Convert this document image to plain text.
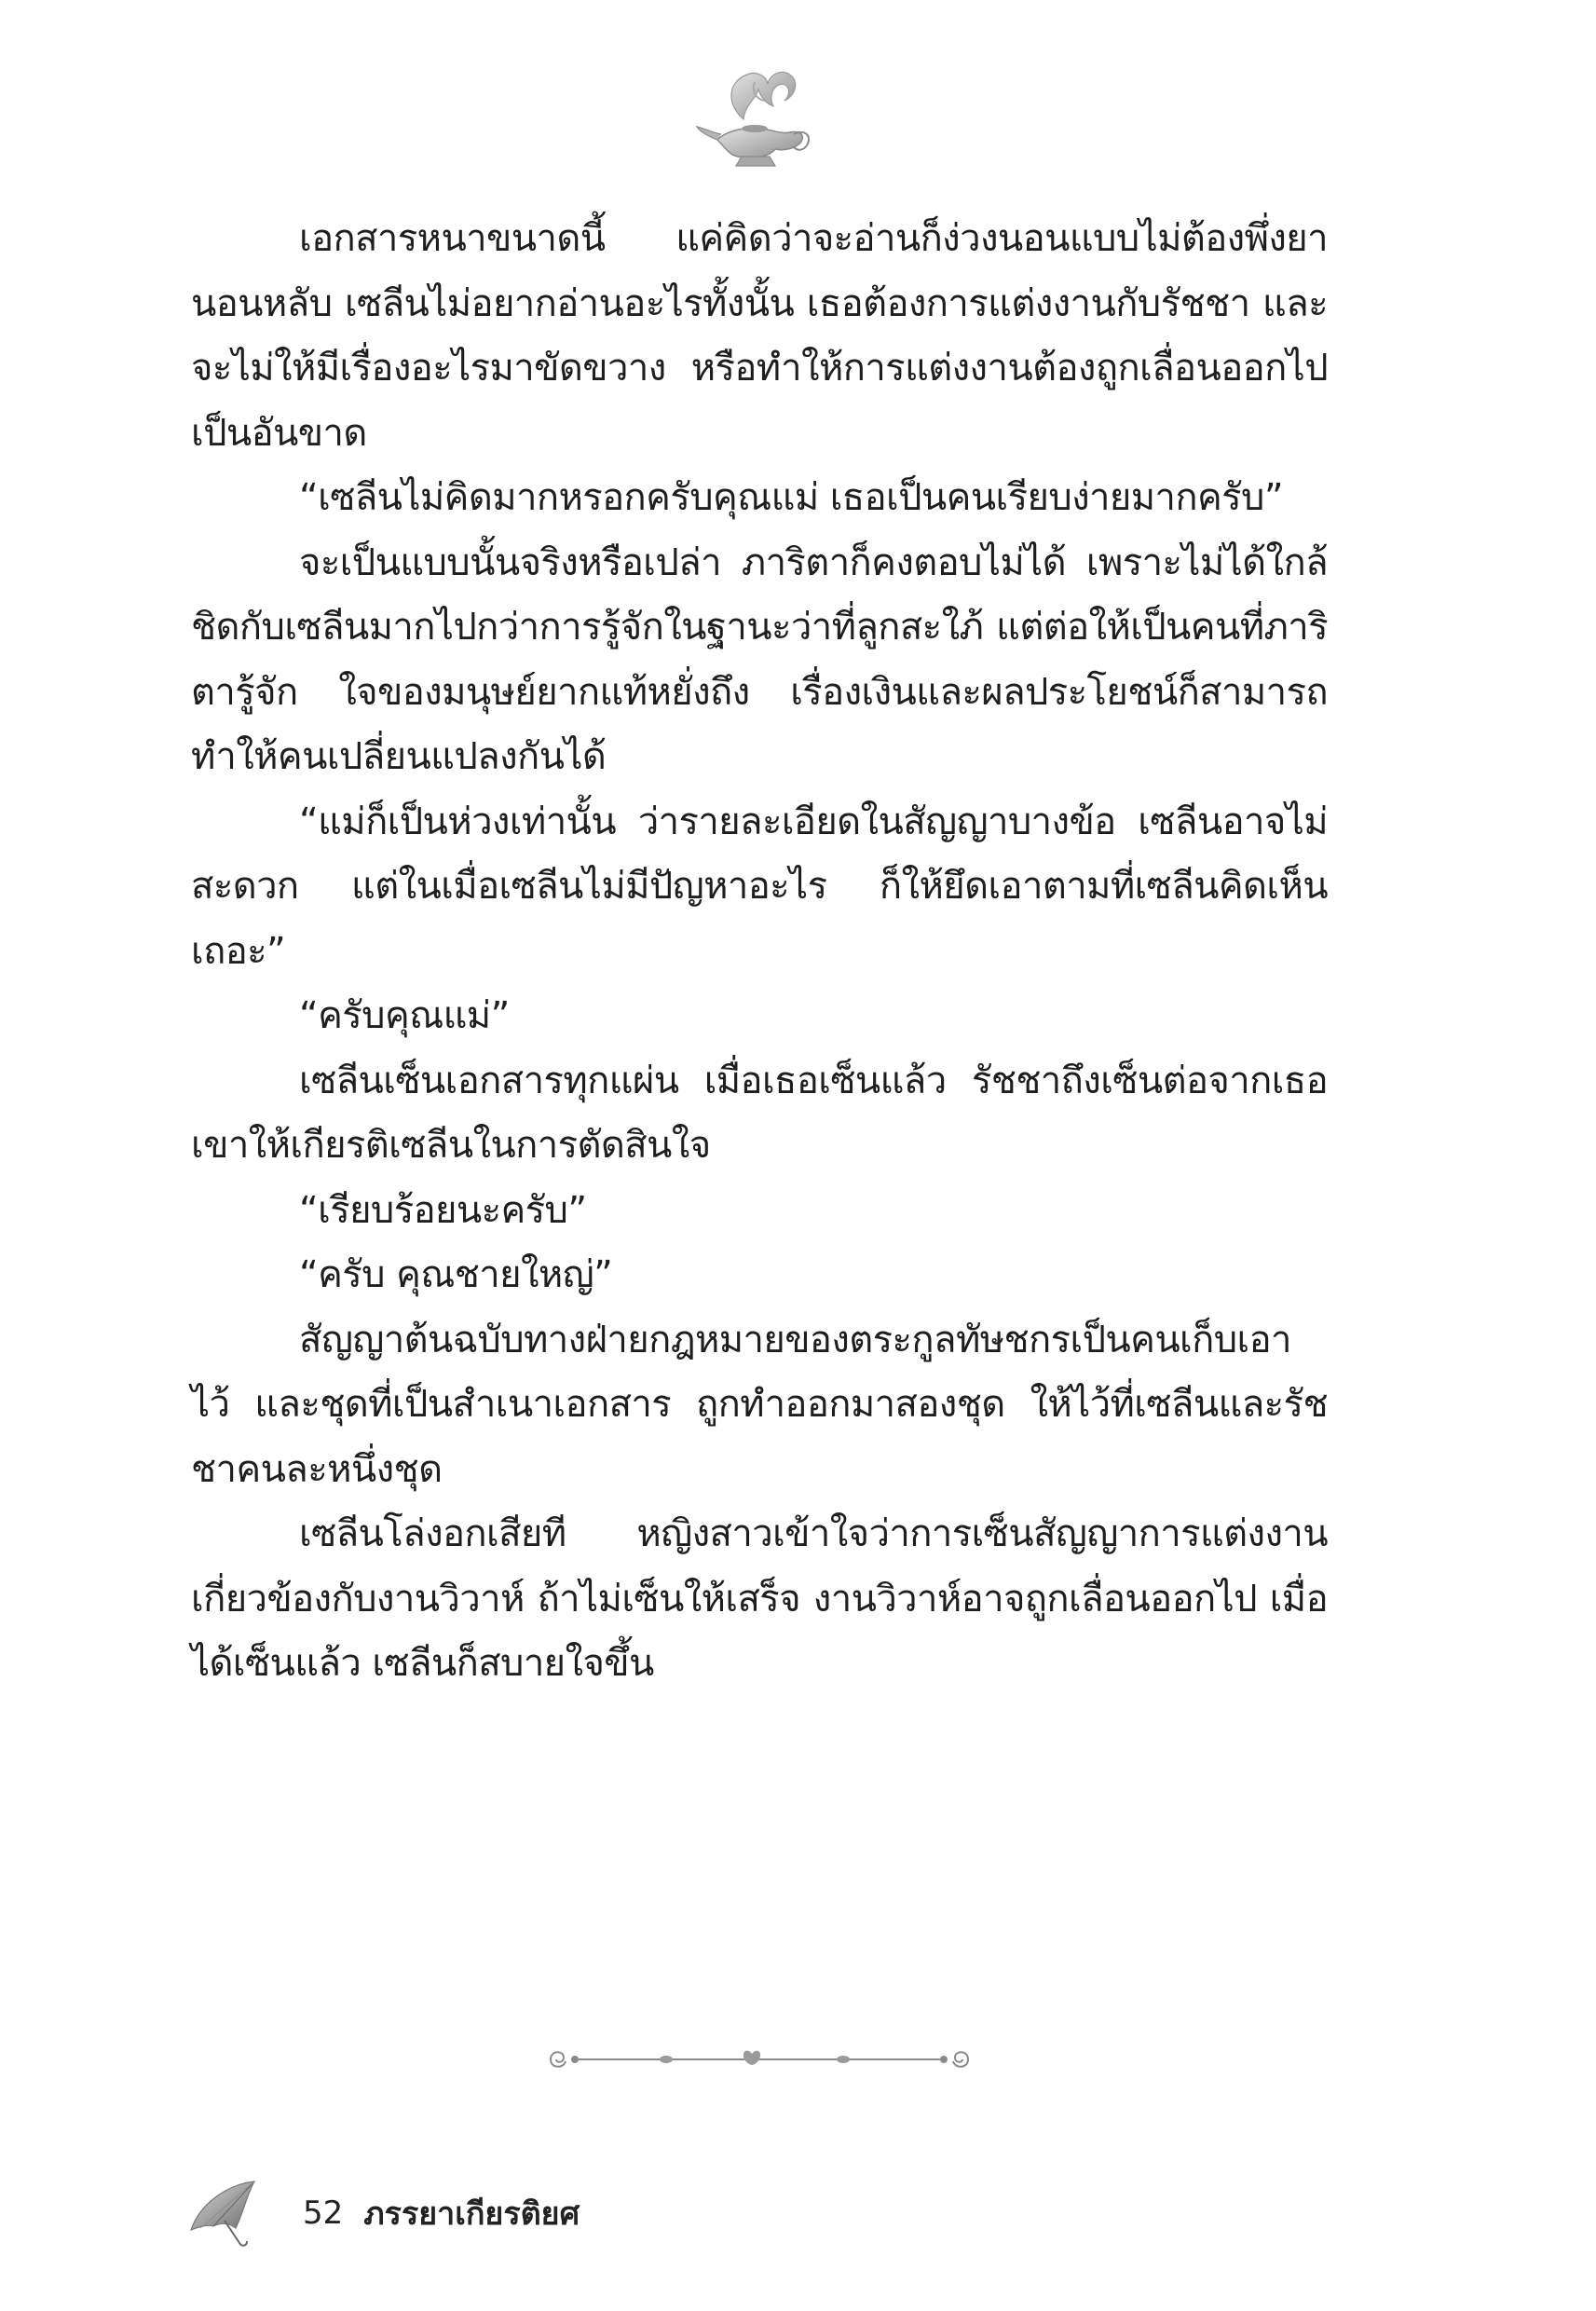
เอกสารหนาขนาดนี้ แค่คิดว่าจะอ่านก็ง่วงนอนแบบไม่ต้องพึ่งยานอนหลับ เซลีนไม่อยากอ่านอะไรทั้งนั้น เธอต้องการแต่งงานกับรัชชา และจะไม่ให้มีเรื่องอะไรมาขัดขวาง หรือทำให้การแต่งงานต้องถูกเลื่อนออกไปเป็นอันขาด

“เซลีนไม่คิดมากหรอกครับคุณแม่ เธอเป็นคนเรียบง่ายมากครับ”

จะเป็นแบบนั้นจริงหรือเปล่า ภาริตาก็คงตอบไม่ได้ เพราะไม่ได้ใกล้ชิดกับเซลีนมากไปกว่าการรู้จักในฐานะว่าที่ลูกสะใภ้ แต่ต่อให้เป็นคนที่ภาริตารู้จัก ใจของมนุษย์ยากแท้หยั่งถึง เรื่องเงินและผลประโยชน์ก็สามารถทำให้คนเปลี่ยนแปลงกันได้

“แม่ก็เป็นห่วงเท่านั้น ว่ารายละเอียดในสัญญาบางข้อ เซลีนอาจไม่สะดวก แต่ในเมื่อเซลีนไม่มีปัญหาอะไร ก็ให้ยึดเอาตามที่เซลีนคิดเห็นเถอะ”

“ครับคุณแม่”

เซลีนเซ็นเอกสารทุกแผ่น เมื่อเธอเซ็นแล้ว รัชชาถึงเซ็นต่อจากเธอ เขาให้เกียรติเซลีนในการตัดสินใจ

“เรียบร้อยนะครับ”

“ครับ คุณชายใหญ่”

สัญญาต้นฉบับทางฝ่ายกฎหมายของตระกูลทัษชกรเป็นคนเก็บเอาไว้ และชุดที่เป็นสำเนาเอกสาร ถูกทำออกมาสองชุด ให้ไว้ที่เซลีนและรัชชาคนละหนึ่งชุด

เซลีนโล่งอกเสียที หญิงสาวเข้าใจว่าการเซ็นสัญญาการแต่งงานเกี่ยวข้องกับงานวิวาห์ ถ้าไม่เซ็นให้เสร็จ งานวิวาห์อาจถูกเลื่อนออกไป เมื่อได้เซ็นแล้ว เซลีนก็สบายใจขึ้น

52 ภรรยาเกียรติยศ
